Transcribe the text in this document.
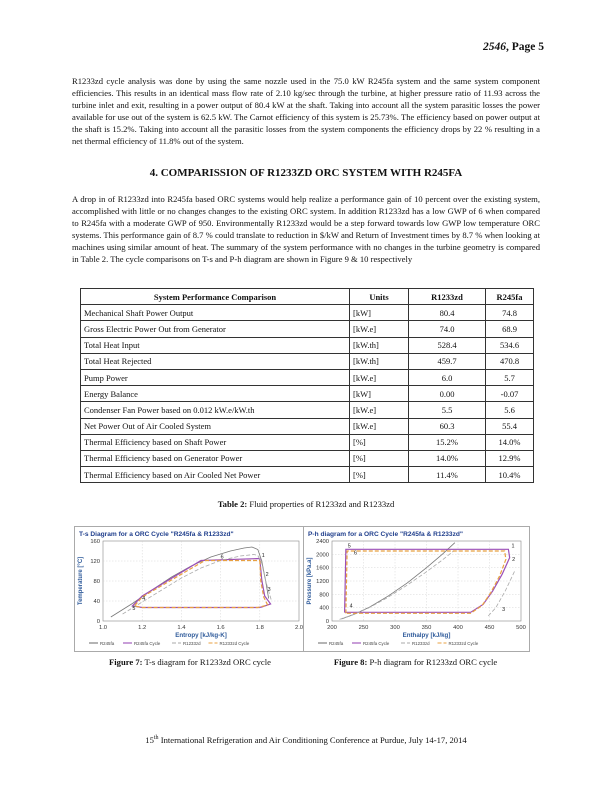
2546, Page 5

R1233zd cycle analysis was done by using the same nozzle used in the 75.0 kW R245fa system and the same system component efficiencies. This results in an identical mass flow rate of 2.10 kg/sec through the turbine, at higher pressure ratio of 11.93 across the turbine inlet and exit, resulting in a power output of 80.4 kW at the shaft. Taking into account all the system parasitic losses the power available for use out of the system is 62.5 kW. The Carnot efficiency of this system is 25.73%. The efficiency based on power output at the shaft is 15.2%. Taking into account all the parasitic losses from the system components the efficiency drops by 22 % resulting in a net thermal efficiency of 11.8% out of the system.

4. COMPARISSION OF R1233ZD ORC SYSTEM WITH R245FA

A drop in of R1233zd into R245fa based ORC systems would help realize a performance gain of 10 percent over the existing system, accomplished with little or no changes changes to the existing ORC system. In addition R1233zd has a low GWP of 6 when compared to R245fa with a moderate GWP of 950. Environmentally R1233zd would be a step forward towards low GWP low temperature ORC systems. This performance gain of 8.7 % could translate to reduction in $/kW and Return of Investment times by 8.7 % when looking at machines using similar amount of heat. The summary of the system performance with no changes in the turbine geometry is compared in Table 2. The cycle comparisons on T-s and P-h diagram are shown in Figure 9 & 10 respectively

System Performance Comparison	Units	R1233zd	R245fa
Mechanical Shaft Power Output	[kW]	80.4	74.8
Gross Electric Power Out from Generator	[kW.e]	74.0	68.9
Total Heat Input	[kW.th]	528.4	534.6
Total Heat Rejected	[kW.th]	459.7	470.8
Pump Power	[kW.e]	6.0	5.7
Energy Balance	[kW]	0.00	-0.07
Condenser Fan Power based on 0.012 kW.e/kW.th	[kW.e]	5.5	5.6
Net Power Out of Air Cooled System	[kW.e]	60.3	55.4
Thermal Efficiency based on Shaft Power	[%]	15.2%	14.0%
Thermal Efficiency based on Generator Power	[%]	14.0%	12.9%
Thermal Efficiency based on Air Cooled Net Power	[%]	11.4%	10.4%
Table 2: Fluid properties of R1233zd and R1233zd
T-s Diagram for a ORC Cycle "R245fa & R1233zd"
1.0	1.2	1.4	1.6	1.8	2.0
0
40
80
120
160
Entropy [kJ/kg-K]
Temperature [°C]
1
2
3
4
5
6
R245fa	R245fa Cycle	R1233zd	R1233zd Cycle
P-h diagram for a ORC Cycle "R245fa & R1233zd"
200	250	300	350	400	450	500
0
400
800
1200
1600
2000
2400
Enthalpy [kJ/kg]
Pressure [kPa.a]
1
2
3
4
5
6
R245fa	R245fa Cycle	R1233zd	R1233zd Cycle
Figure 7: T-s diagram for R1233zd ORC cycle	Figure 8: P-h diagram for R1233zd ORC cycle
15th International Refrigeration and Air Conditioning Conference at Purdue, July 14-17, 2014
